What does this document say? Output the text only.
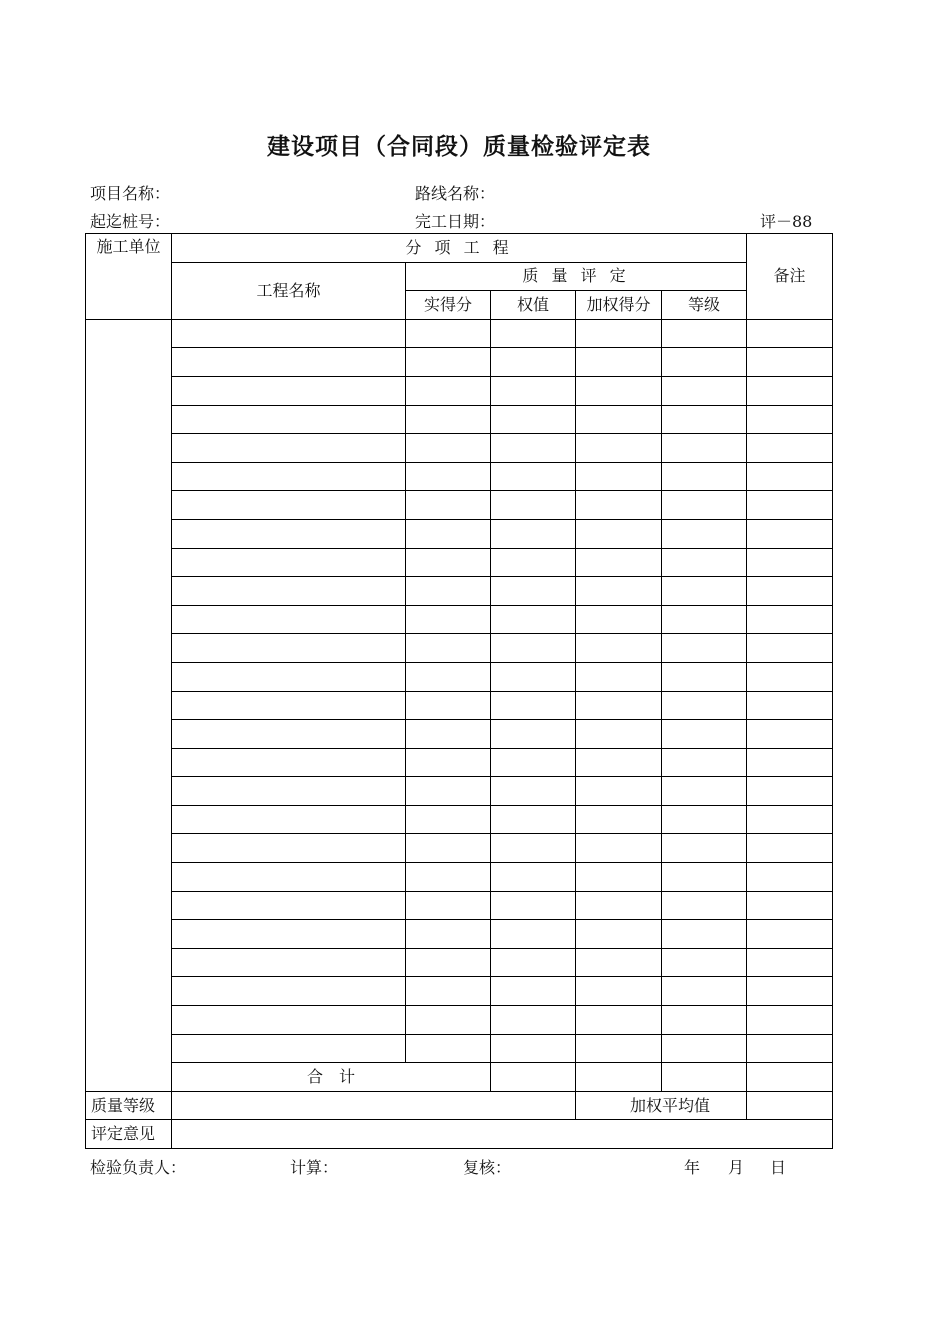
建设项目（合同段）质量检验评定表
项目名称：	路线名称：
起迄桩号：	完工日期：	评－88
施工单位	分 项 工 程					备注
	工程名称	质 量 评 定				
		实得分	权值	加权得分	等级	

	合　计					
质量等级				加权平均值		
评定意见						
检验负责人：	计算：	复核：	年 月 日
